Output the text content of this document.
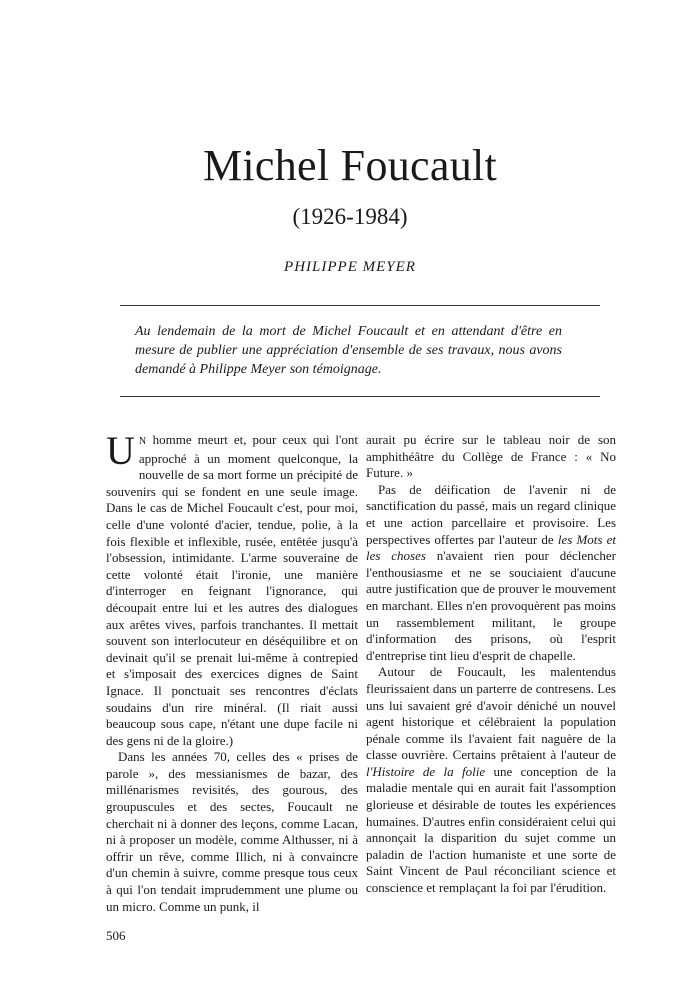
Michel Foucault
(1926-1984)
PHILIPPE MEYER
Au lendemain de la mort de Michel Foucault et en attendant d'être en mesure de publier une appréciation d'ensemble de ses travaux, nous avons demandé à Philippe Meyer son témoignage.

U N homme meurt et, pour ceux qui l'ont approché à un moment quelconque, la nouvelle de sa mort forme un précipité de souvenirs qui se fondent en une seule image. Dans le cas de Michel Foucault c'est, pour moi, celle d'une volonté d'acier, tendue, polie, à la fois flexible et inflexible, rusée, entêtée jusqu'à l'obsession, intimidante. L'arme souveraine de cette volonté était l'ironie, une manière d'interroger en feignant l'ignorance, qui découpait entre lui et les autres des dialogues aux arêtes vives, parfois tranchantes. Il mettait souvent son interlocuteur en déséquilibre et on devinait qu'il se prenait lui-même à contrepied et s'imposait des exercices dignes de Saint Ignace. Il ponctuait ses rencontres d'éclats soudains d'un rire minéral. (Il riait aussi beaucoup sous cape, n'étant une dupe facile ni des gens ni de la gloire.)

Dans les années 70, celles des « prises de parole », des messianismes de bazar, des millénarismes revisités, des gourous, des groupuscules et des sectes, Foucault ne cherchait ni à donner des leçons, comme Lacan, ni à proposer un modèle, comme Althusser, ni à offrir un rêve, comme Illich, ni à convaincre d'un chemin à suivre, comme presque tous ceux à qui l'on tendait imprudemment une plume ou un micro. Comme un punk, il

aurait pu écrire sur le tableau noir de son amphithéâtre du Collège de France : « No Future. »

Pas de déification de l'avenir ni de sanctification du passé, mais un regard clinique et une action parcellaire et provisoire. Les perspectives offertes par l'auteur de les Mots et les choses n'avaient rien pour déclencher l'enthousiasme et ne se souciaient d'aucune autre justification que de prouver le mouvement en marchant. Elles n'en provoquèrent pas moins un rassemblement militant, le groupe d'information des prisons, où l'esprit d'entreprise tint lieu d'esprit de chapelle.

Autour de Foucault, les malentendus fleurissaient dans un parterre de contresens. Les uns lui savaient gré d'avoir déniché un nouvel agent historique et célébraient la population pénale comme ils l'avaient fait naguère de la classe ouvrière. Certains prêtaient à l'auteur de l'Histoire de la folie une conception de la maladie mentale qui en aurait fait l'assomption glorieuse et désirable de toutes les expériences humaines. D'autres enfin considéraient celui qui annonçait la disparition du sujet comme un paladin de l'action humaniste et une sorte de Saint Vincent de Paul réconciliant science et conscience et remplaçant la foi par l'érudition.

506
